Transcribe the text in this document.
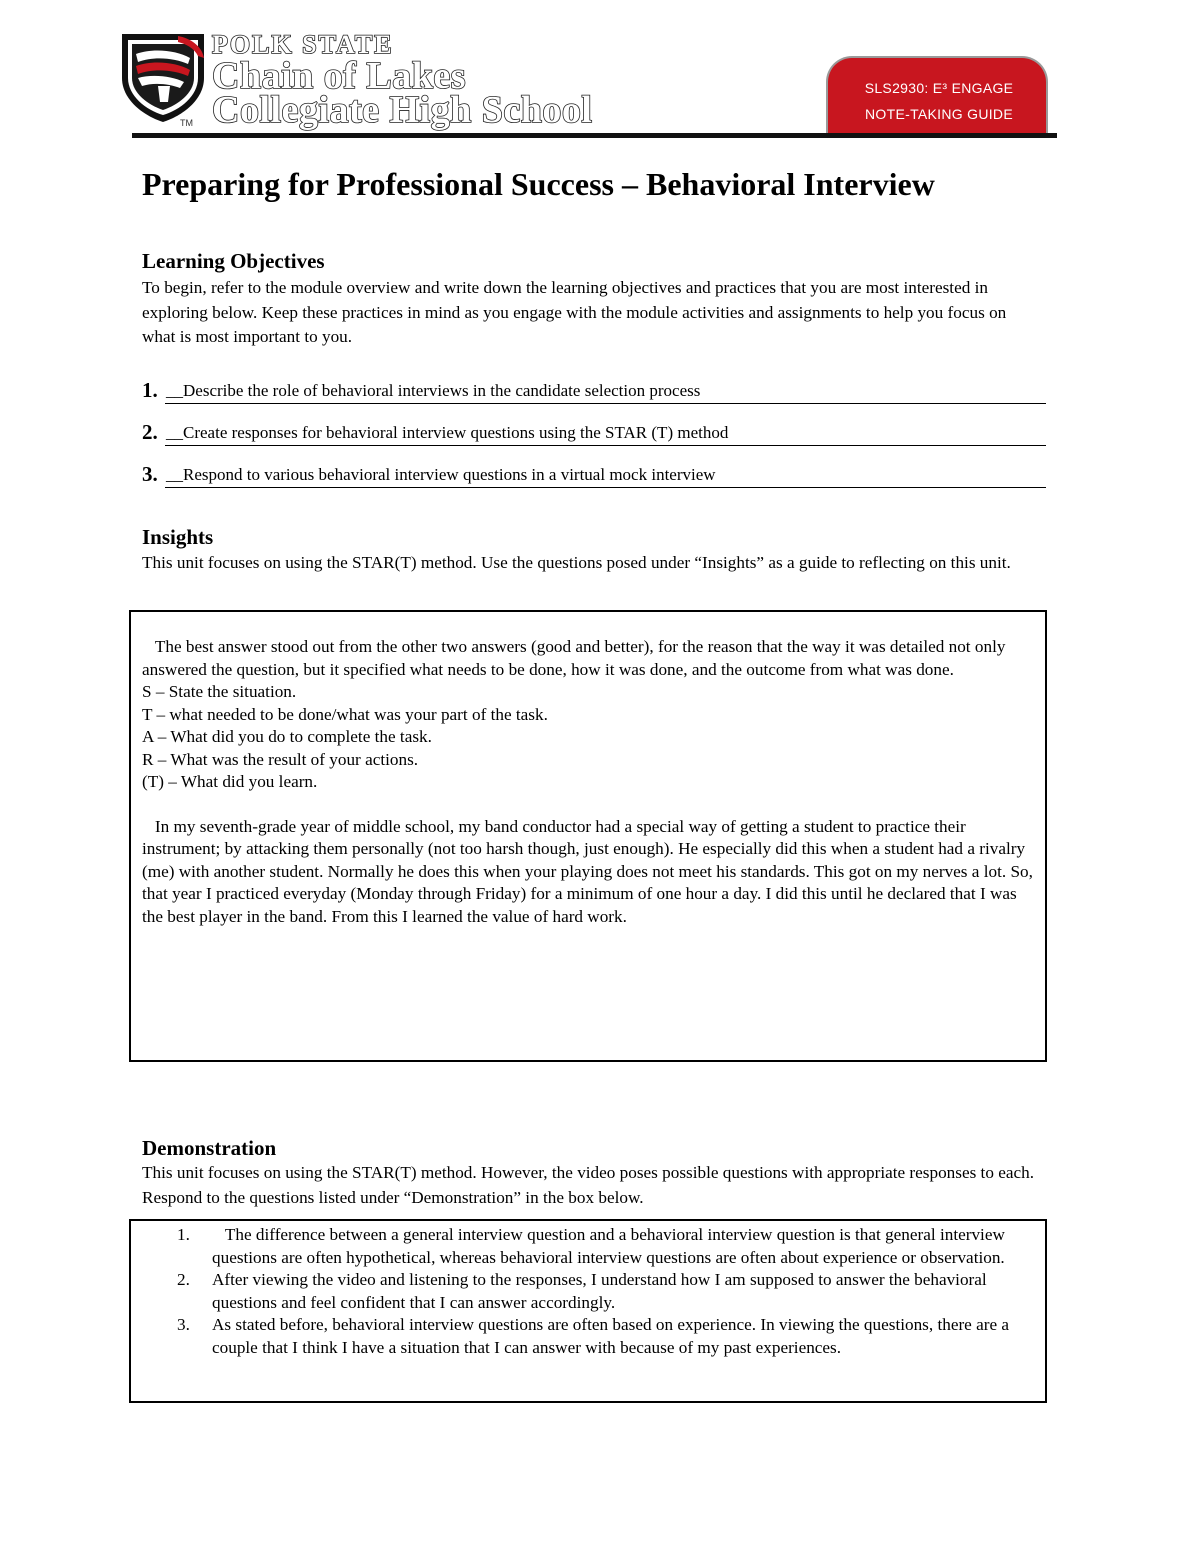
POLK STATE
Chain of Lakes
Collegiate High School
TM
SLS2930: E³ ENGAGE
NOTE-TAKING GUIDE
Preparing for Professional Success – Behavioral Interview
Learning Objectives

To begin, refer to the module overview and write down the learning objectives and practices that you are most interested in exploring below. Keep these practices in mind as you engage with the module activities and assignments to help you focus on what is most important to you.

1. __Describe the role of behavioral interviews in the candidate selection process
2. __Create responses for behavioral interview questions using the STAR (T) method
3. __Respond to various behavioral interview questions in a virtual mock interview
Insights

This unit focuses on using the STAR(T) method. Use the questions posed under “Insights” as a guide to reflecting on this unit.

The best answer stood out from the other two answers (good and better), for the reason that the way it was detailed not only answered the question, but it specified what needs to be done, how it was done, and the outcome from what was done.

S – State the situation.

T – what needed to be done/what was your part of the task.

A – What did you do to complete the task.

R – What was the result of your actions.

(T) – What did you learn.

In my seventh-grade year of middle school, my band conductor had a special way of getting a student to practice their instrument; by attacking them personally (not too harsh though, just enough). He especially did this when a student had a rivalry (me) with another student. Normally he does this when your playing does not meet his standards. This got on my nerves a lot. So, that year I practiced everyday (Monday through Friday) for a minimum of one hour a day. I did this until he declared that I was the best player in the band. From this I learned the value of hard work.

Demonstration

This unit focuses on using the STAR(T) method. However, the video poses possible questions with appropriate responses to each. Respond to the questions listed under “Demonstration” in the box below.

1. The difference between a general interview question and a behavioral interview question is that general interview questions are often hypothetical, whereas behavioral interview questions are often about experience or observation.
2. After viewing the video and listening to the responses, I understand how I am supposed to answer the behavioral questions and feel confident that I can answer accordingly.
3. As stated before, behavioral interview questions are often based on experience. In viewing the questions, there are a couple that I think I have a situation that I can answer with because of my past experiences.
